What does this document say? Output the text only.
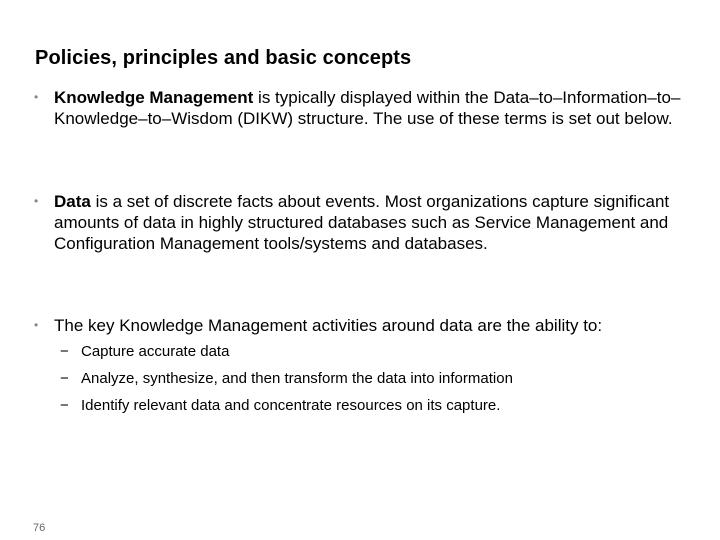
Policies, principles and basic concepts
• Knowledge Management is typically displayed within the Data–to–Information–to–Knowledge–to–Wisdom (DIKW) structure. The use of these terms is set out below.
• Data is a set of discrete facts about events. Most organizations capture significant amounts of data in highly structured databases such as Service Management and Configuration Management tools/systems and databases.
• The key Knowledge Management activities around data are the ability to:
− Capture accurate data
− Analyze, synthesize, and then transform the data into information
− Identify relevant data and concentrate resources on its capture.
76
